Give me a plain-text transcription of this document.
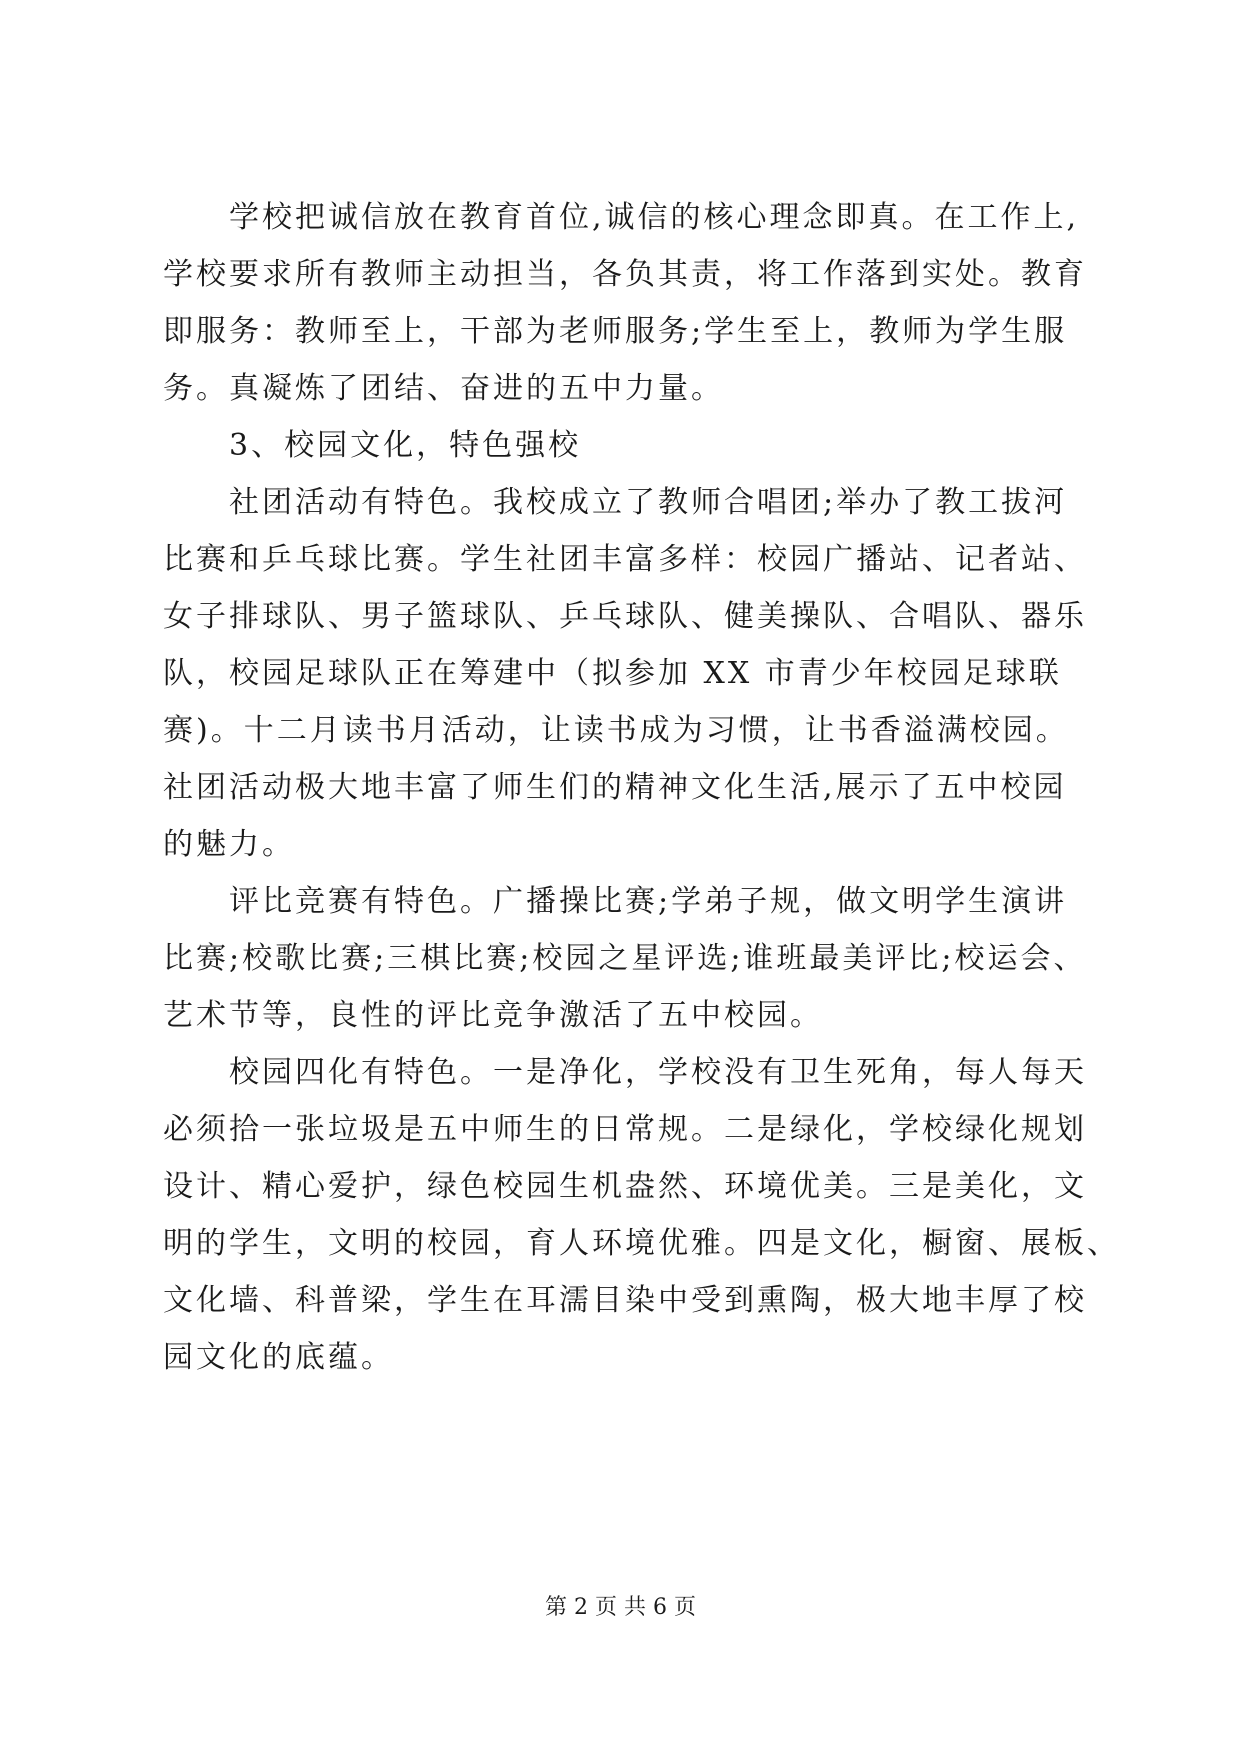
学校把诚信放在教育首位,诚信的核心理念即真。在工作上,
学校要求所有教师主动担当，各负其责，将工作落到实处。教育
即服务：教师至上，干部为老师服务;学生至上，教师为学生服
务。真凝炼了团结、奋进的五中力量。
3、校园文化，特色强校
社团活动有特色。我校成立了教师合唱团;举办了教工拔河
比赛和乒乓球比赛。学生社团丰富多样：校园广播站、记者站、
女子排球队、男子篮球队、乒乓球队、健美操队、合唱队、器乐
队，校园足球队正在筹建中（拟参加 XX 市青少年校园足球联
赛)。十二月读书月活动，让读书成为习惯，让书香溢满校园。
社团活动极大地丰富了师生们的精神文化生活,展示了五中校园
的魅力。
评比竞赛有特色。广播操比赛;学弟子规，做文明学生演讲
比赛;校歌比赛;三棋比赛;校园之星评选;谁班最美评比;校运会、
艺术节等，良性的评比竞争激活了五中校园。
校园四化有特色。一是净化，学校没有卫生死角，每人每天
必须拾一张垃圾是五中师生的日常规。二是绿化，学校绿化规划
设计、精心爱护，绿色校园生机盎然、环境优美。三是美化，文
明的学生，文明的校园，育人环境优雅。四是文化，橱窗、展板、
文化墙、科普梁，学生在耳濡目染中受到熏陶，极大地丰厚了校
园文化的底蕴。
第 2 页 共 6 页
